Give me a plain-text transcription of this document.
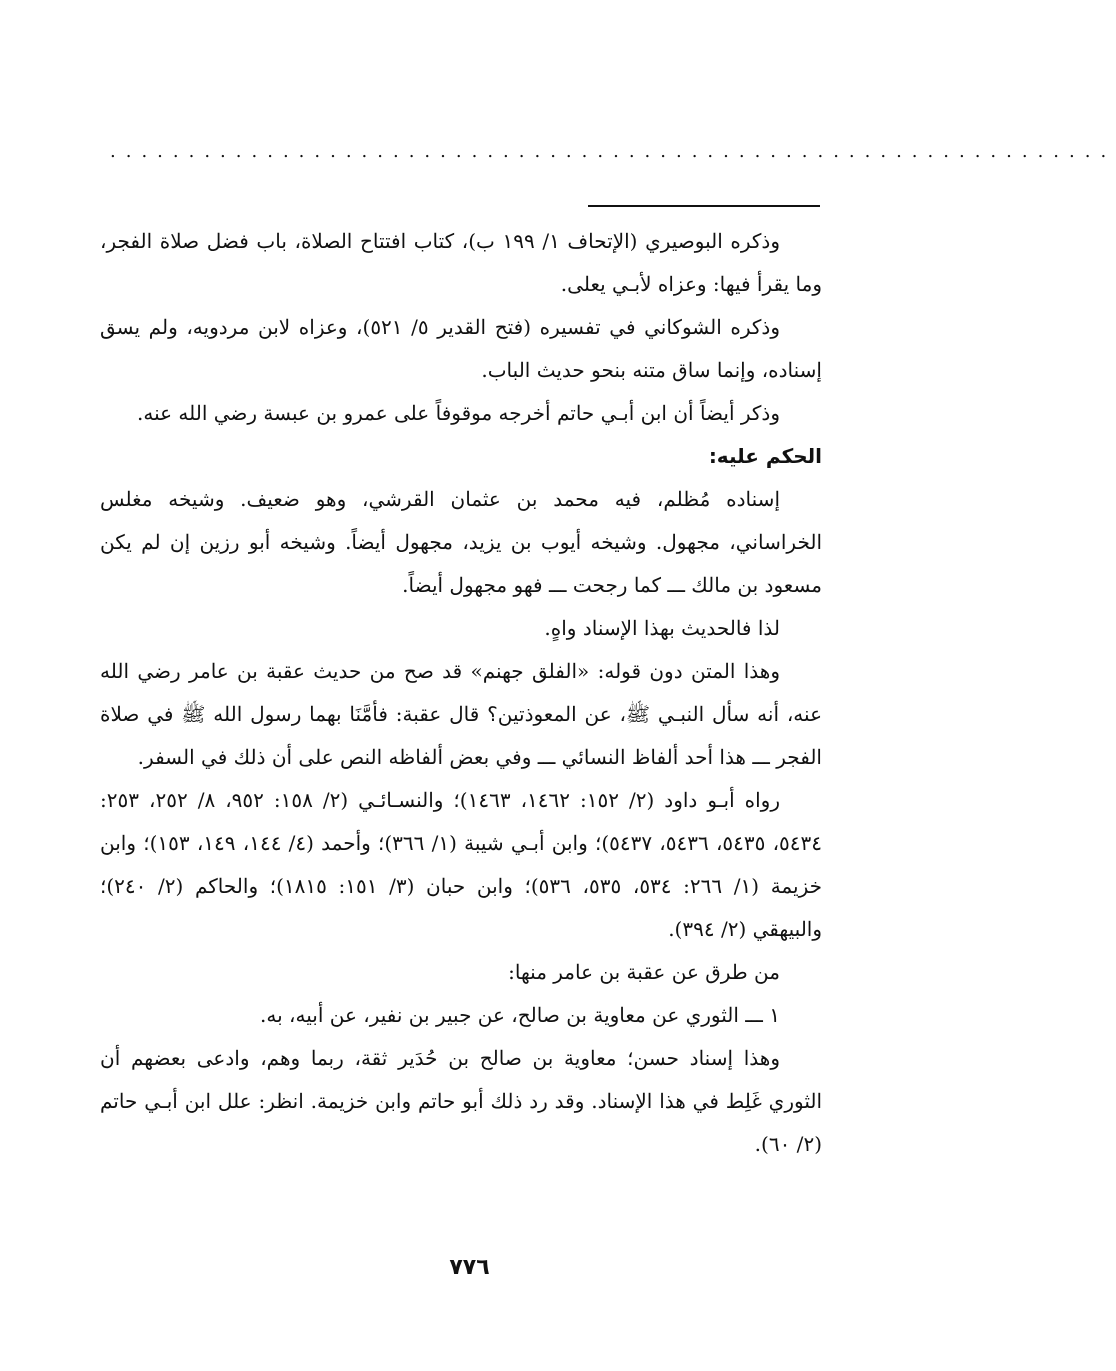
................................................................

وذكره البوصيري (الإتحاف ١/ ١٩٩ ب)، كتاب افتتاح الصلاة، باب فضل صلاة الفجر، وما يقرأ فيها: وعزاه لأبـي يعلى.

وذكره الشوكاني في تفسيره (فتح القدير ٥/ ٥٢١)، وعزاه لابن مردويه، ولم يسق إسناده، وإنما ساق متنه بنحو حديث الباب.

وذكر أيضاً أن ابن أبـي حاتم أخرجه موقوفاً على عمرو بن عبسة رضي الله عنه.

الحكم عليه:

إسناده مُظلم، فيه محمد بن عثمان القرشي، وهو ضعيف. وشيخه مغلس الخراساني، مجهول. وشيخه أيوب بن يزيد، مجهول أيضاً. وشيخه أبو رزين إن لم يكن مسعود بن مالك ـــ كما رجحت ـــ فهو مجهول أيضاً.

لذا فالحديث بهذا الإسناد واهٍ.

وهذا المتن دون قوله: «الفلق جهنم» قد صح من حديث عقبة بن عامر رضي الله عنه، أنه سأل النبـي ﷺ، عن المعوذتين؟ قال عقبة: فأمَّنَا بهما رسول الله ﷺ في صلاة الفجر ـــ هذا أحد ألفاظ النسائي ـــ وفي بعض ألفاظه النص على أن ذلك في السفر.

رواه أبـو داود (٢/ ١٥٢: ١٤٦٢، ١٤٦٣)؛ والنسـائـي (٢/ ١٥٨: ٩٥٢، ٨/ ٢٥٢، ٢٥٣: ٥٤٣٤، ٥٤٣٥، ٥٤٣٦، ٥٤٣٧)؛ وابن أبـي شيبة (١/ ٣٦٦)؛ وأحمد (٤/ ١٤٤، ١٤٩، ١٥٣)؛ وابن خزيمة (١/ ٢٦٦: ٥٣٤، ٥٣٥، ٥٣٦)؛ وابن حبان (٣/ ١٥١: ١٨١٥)؛ والحاكم (٢/ ٢٤٠)؛ والبيهقي (٢/ ٣٩٤).

من طرق عن عقبة بن عامر منها:

١ ـــ الثوري عن معاوية بن صالح، عن جبير بن نفير، عن أبيه، به.

وهذا إسناد حسن؛ معاوية بن صالح بن حُدَير ثقة، ربما وهم، وادعى بعضهم أن الثوري غَلِط في هذا الإسناد. وقد رد ذلك أبو حاتم وابن خزيمة. انظر: علل ابن أبـي حاتم (٢/ ٦٠).

٧٧٦
